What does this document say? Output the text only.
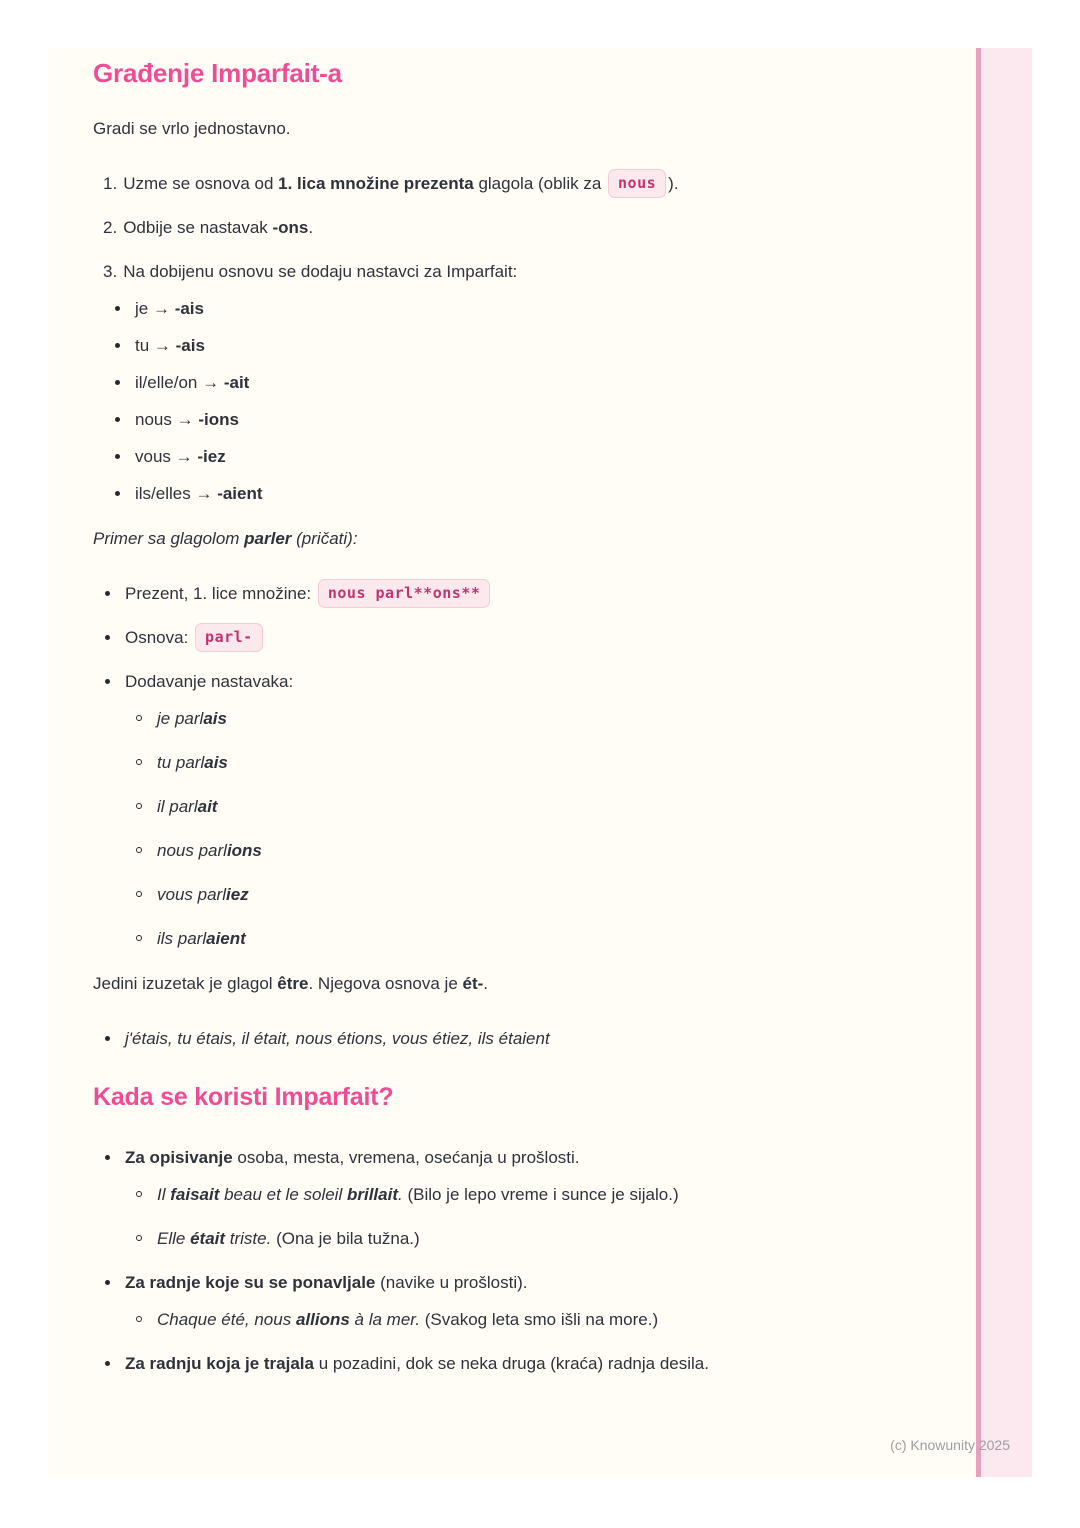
Građenje Imparfait-a

Gradi se vrlo jednostavno.

1. Uzme se osnova od 1. lica množine prezenta glagola (oblik za nous ).
2. Odbije se nastavak -ons.
3. Na dobijenu osnovu se dodaju nastavci za Imparfait:
je → -ais
tu → -ais
il/elle/on → -ait
nous → -ions
vous → -iez
ils/elles → -aient

Primer sa glagolom parler (pričati):

Prezent, 1. lice množine: nous parl**ons**
Osnova: parl-
Dodavanje nastavaka:
je parlais
tu parlais
il parlait
nous parlions
vous parliez
ils parlaient

Jedini izuzetak je glagol être. Njegova osnova je ét-.

j'étais, tu étais, il était, nous étions, vous étiez, ils étaient
Kada se koristi Imparfait?
Za opisivanje osoba, mesta, vremena, osećanja u prošlosti.
Il faisait beau et le soleil brillait. (Bilo je lepo vreme i sunce je sijalo.)
Elle était triste. (Ona je bila tužna.)
Za radnje koje su se ponavljale (navike u prošlosti).
Chaque été, nous allions à la mer. (Svakog leta smo išli na more.)
Za radnju koja je trajala u pozadini, dok se neka druga (kraća) radnja desila.
(c) Knowunity 2025
